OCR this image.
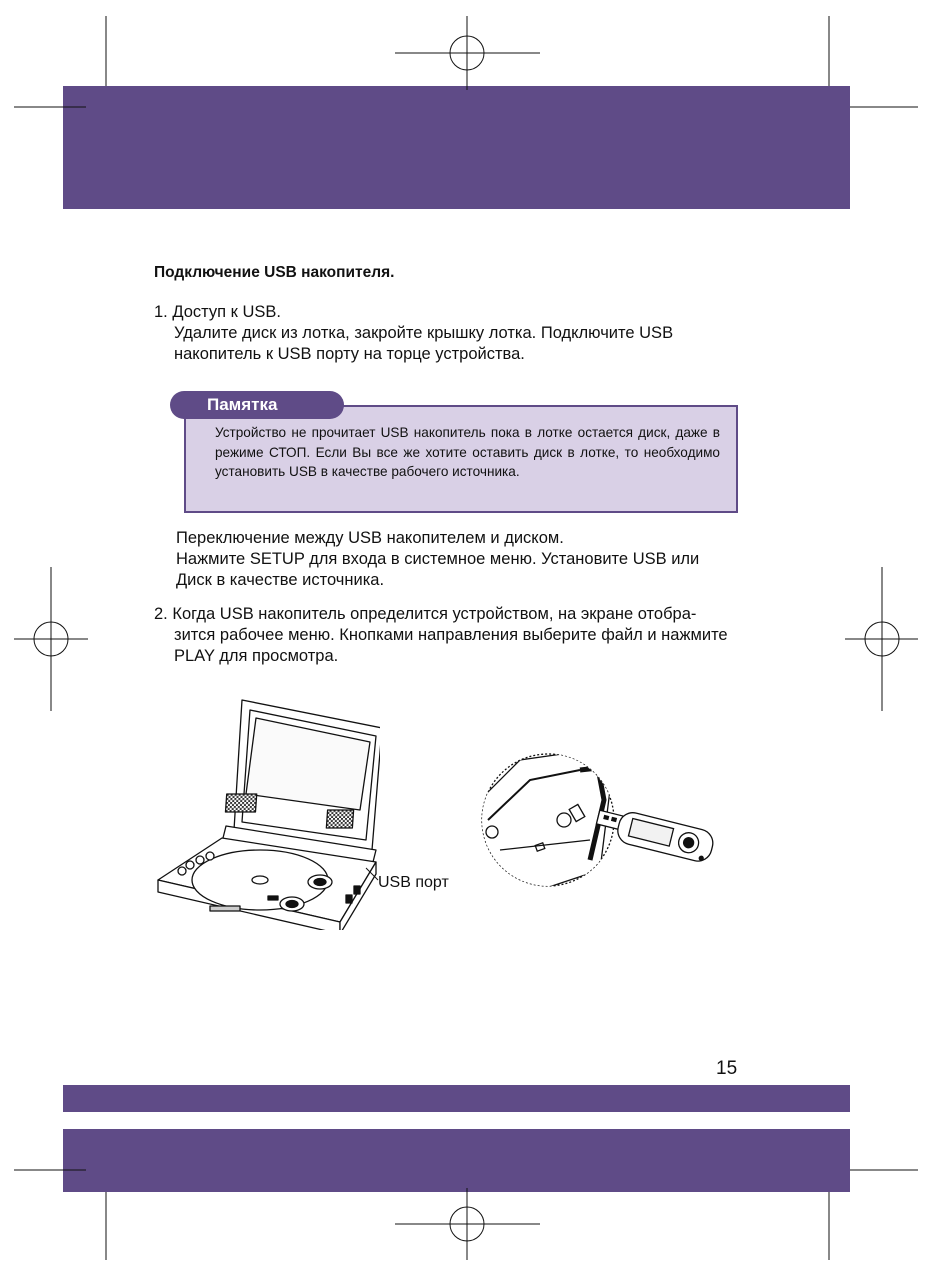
Подключение USB накопителя.
1. Доступ к USB.
Удалите диск из лотка, закройте крышку лотка. Подключите USB
накопитель к USB порту на торце устройства.
Памятка
Устройство не прочитает USB накопитель пока в лотке остается диск, даже в режиме СТОП. Если Вы все же хотите оставить диск в лотке, то необходимо установить USB в качестве рабочего источника.
Переключение между USB накопителем и диском.
Нажмите SETUP для входа в системное меню. Установите USB или
Диск в качестве источника.
2. Когда USB накопитель определится устройством, на экране отобра-
зится рабочее меню. Кнопками направления выберите файл и нажмите
PLAY для просмотра.
USB порт
15
